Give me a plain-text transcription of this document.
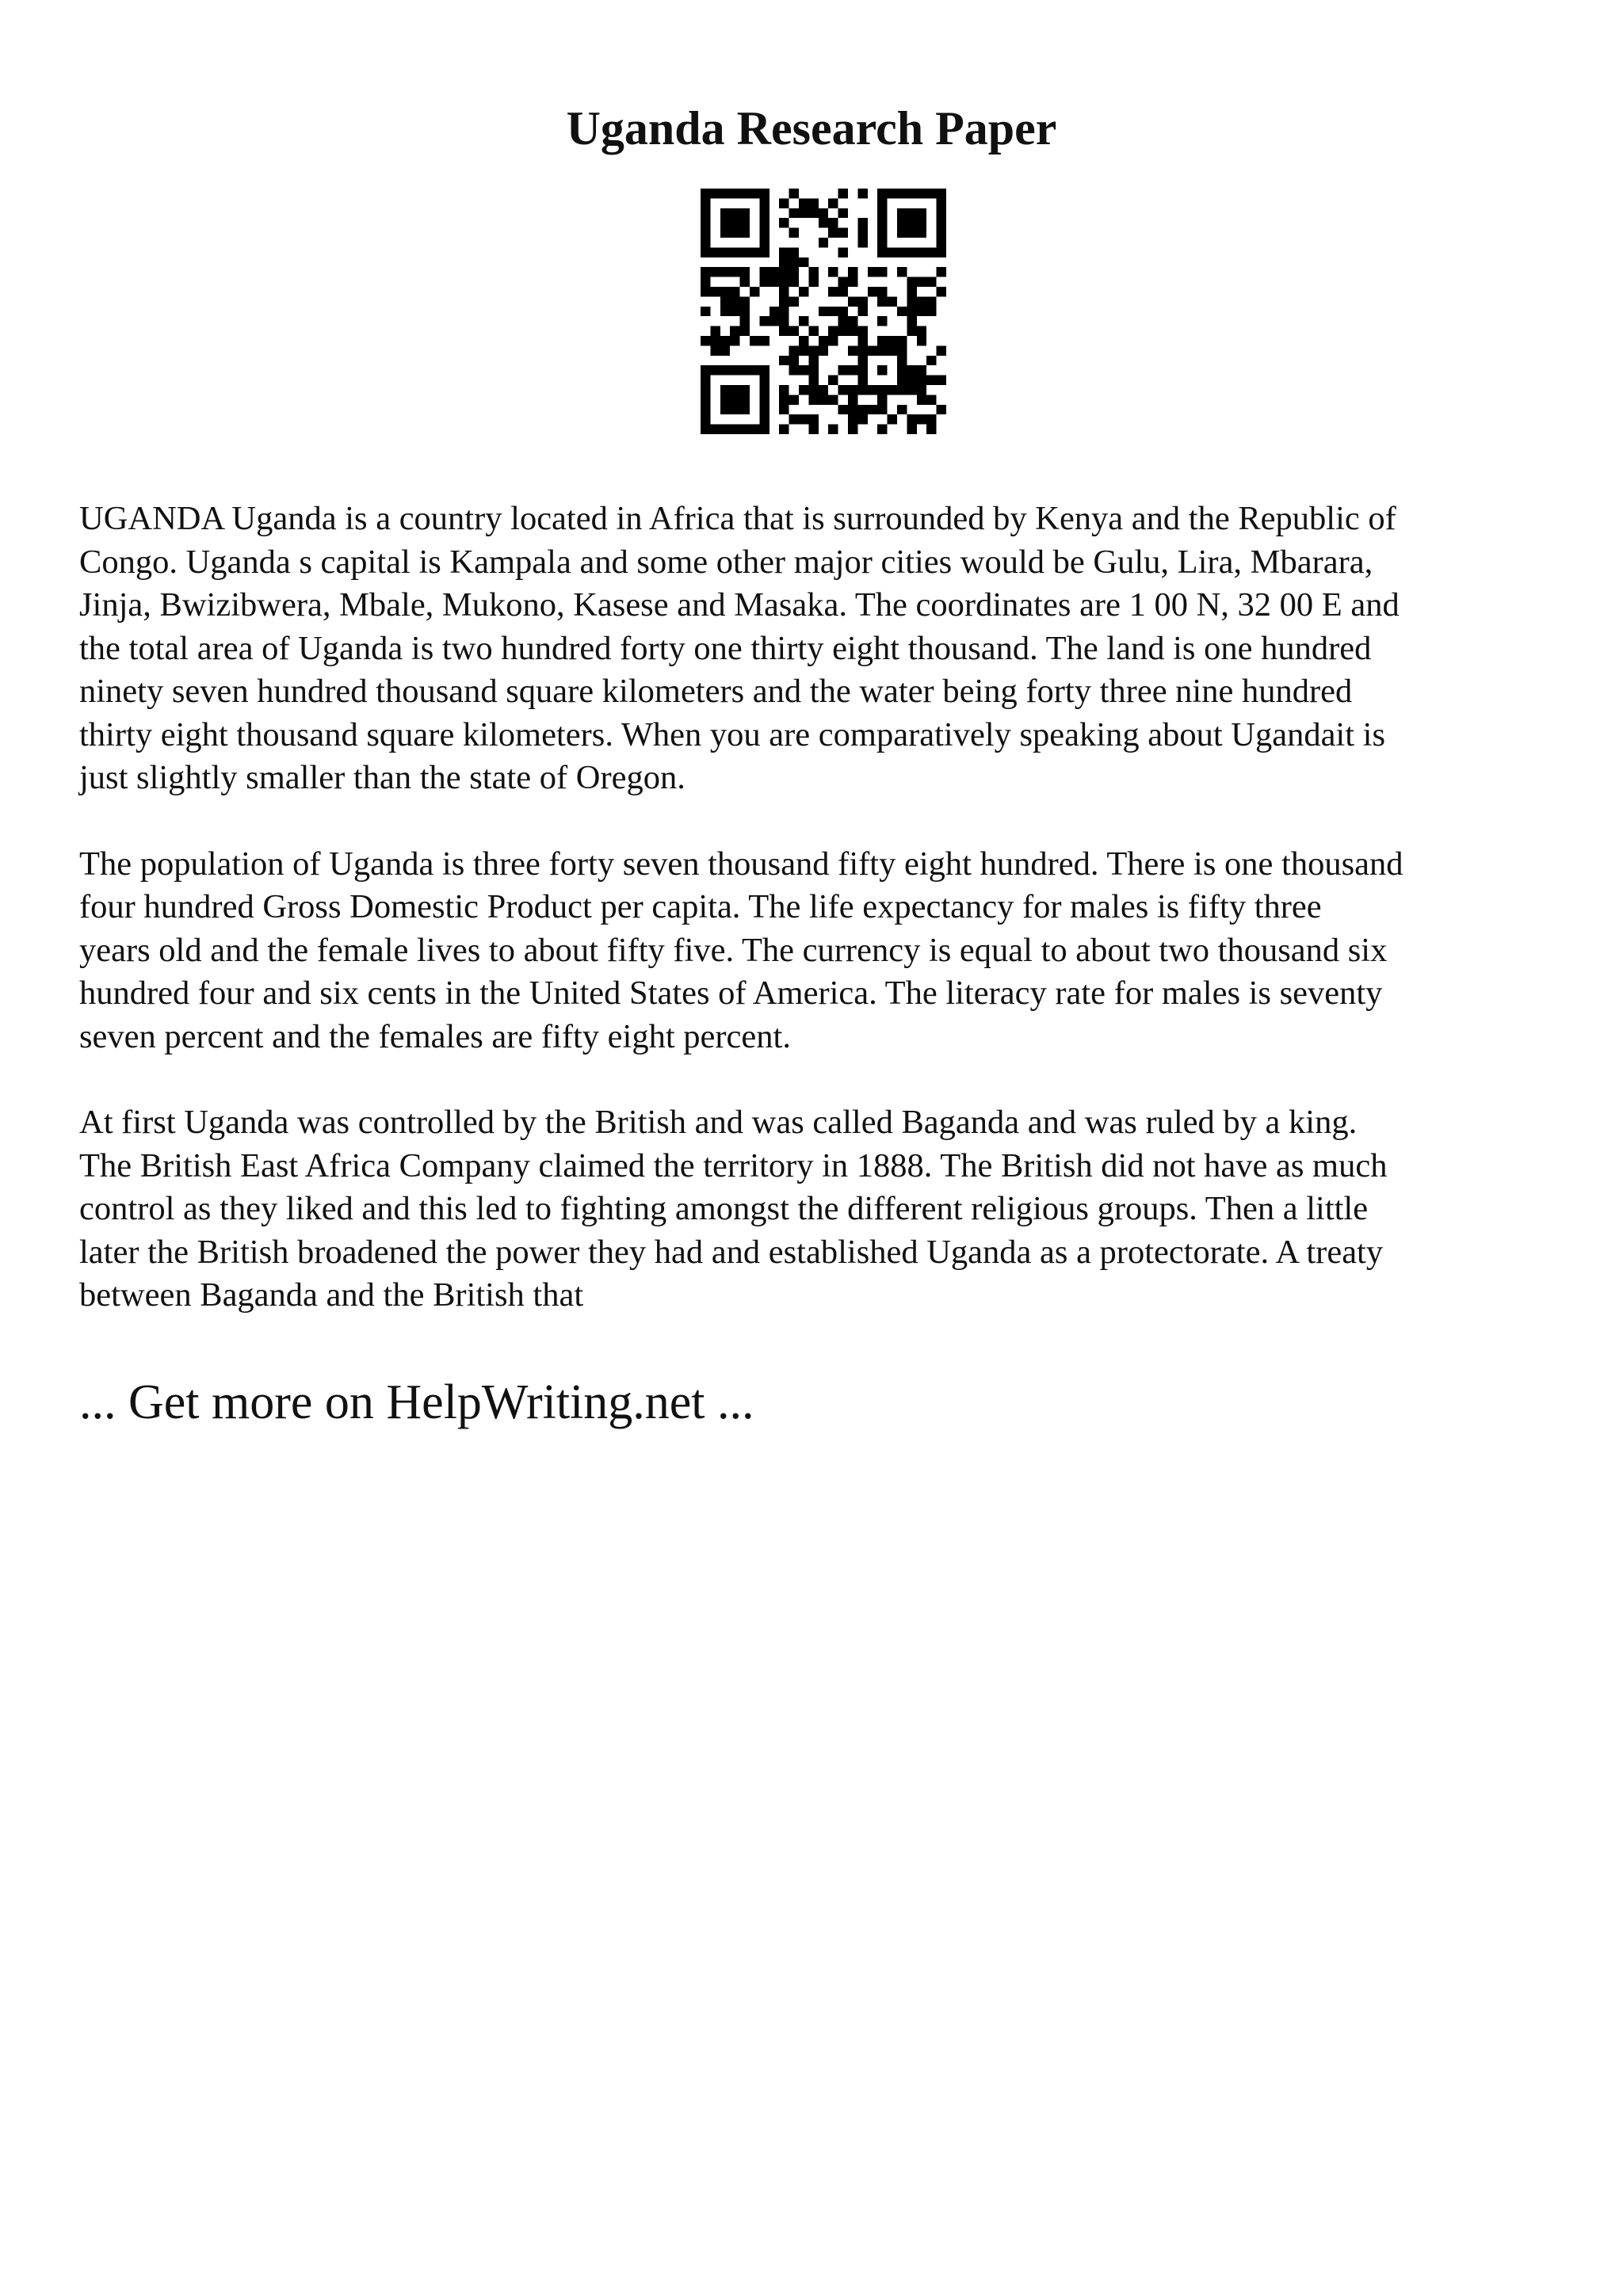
Uganda Research Paper

UGANDA Uganda is a country located in Africa that is surrounded by Kenya and the Republic of
Congo. Uganda s capital is Kampala and some other major cities would be Gulu, Lira, Mbarara,
Jinja, Bwizibwera, Mbale, Mukono, Kasese and Masaka. The coordinates are 1 00 N, 32 00 E and
the total area of Uganda is two hundred forty one thirty eight thousand. The land is one hundred
ninety seven hundred thousand square kilometers and the water being forty three nine hundred
thirty eight thousand square kilometers. When you are comparatively speaking about Ugandait is
just slightly smaller than the state of Oregon.

The population of Uganda is three forty seven thousand fifty eight hundred. There is one thousand
four hundred Gross Domestic Product per capita. The life expectancy for males is fifty three
years old and the female lives to about fifty five. The currency is equal to about two thousand six
hundred four and six cents in the United States of America. The literacy rate for males is seventy
seven percent and the females are fifty eight percent.

At first Uganda was controlled by the British and was called Baganda and was ruled by a king.
The British East Africa Company claimed the territory in 1888. The British did not have as much
control as they liked and this led to fighting amongst the different religious groups. Then a little
later the British broadened the power they had and established Uganda as a protectorate. A treaty
between Baganda and the British that

... Get more on HelpWriting.net ...
